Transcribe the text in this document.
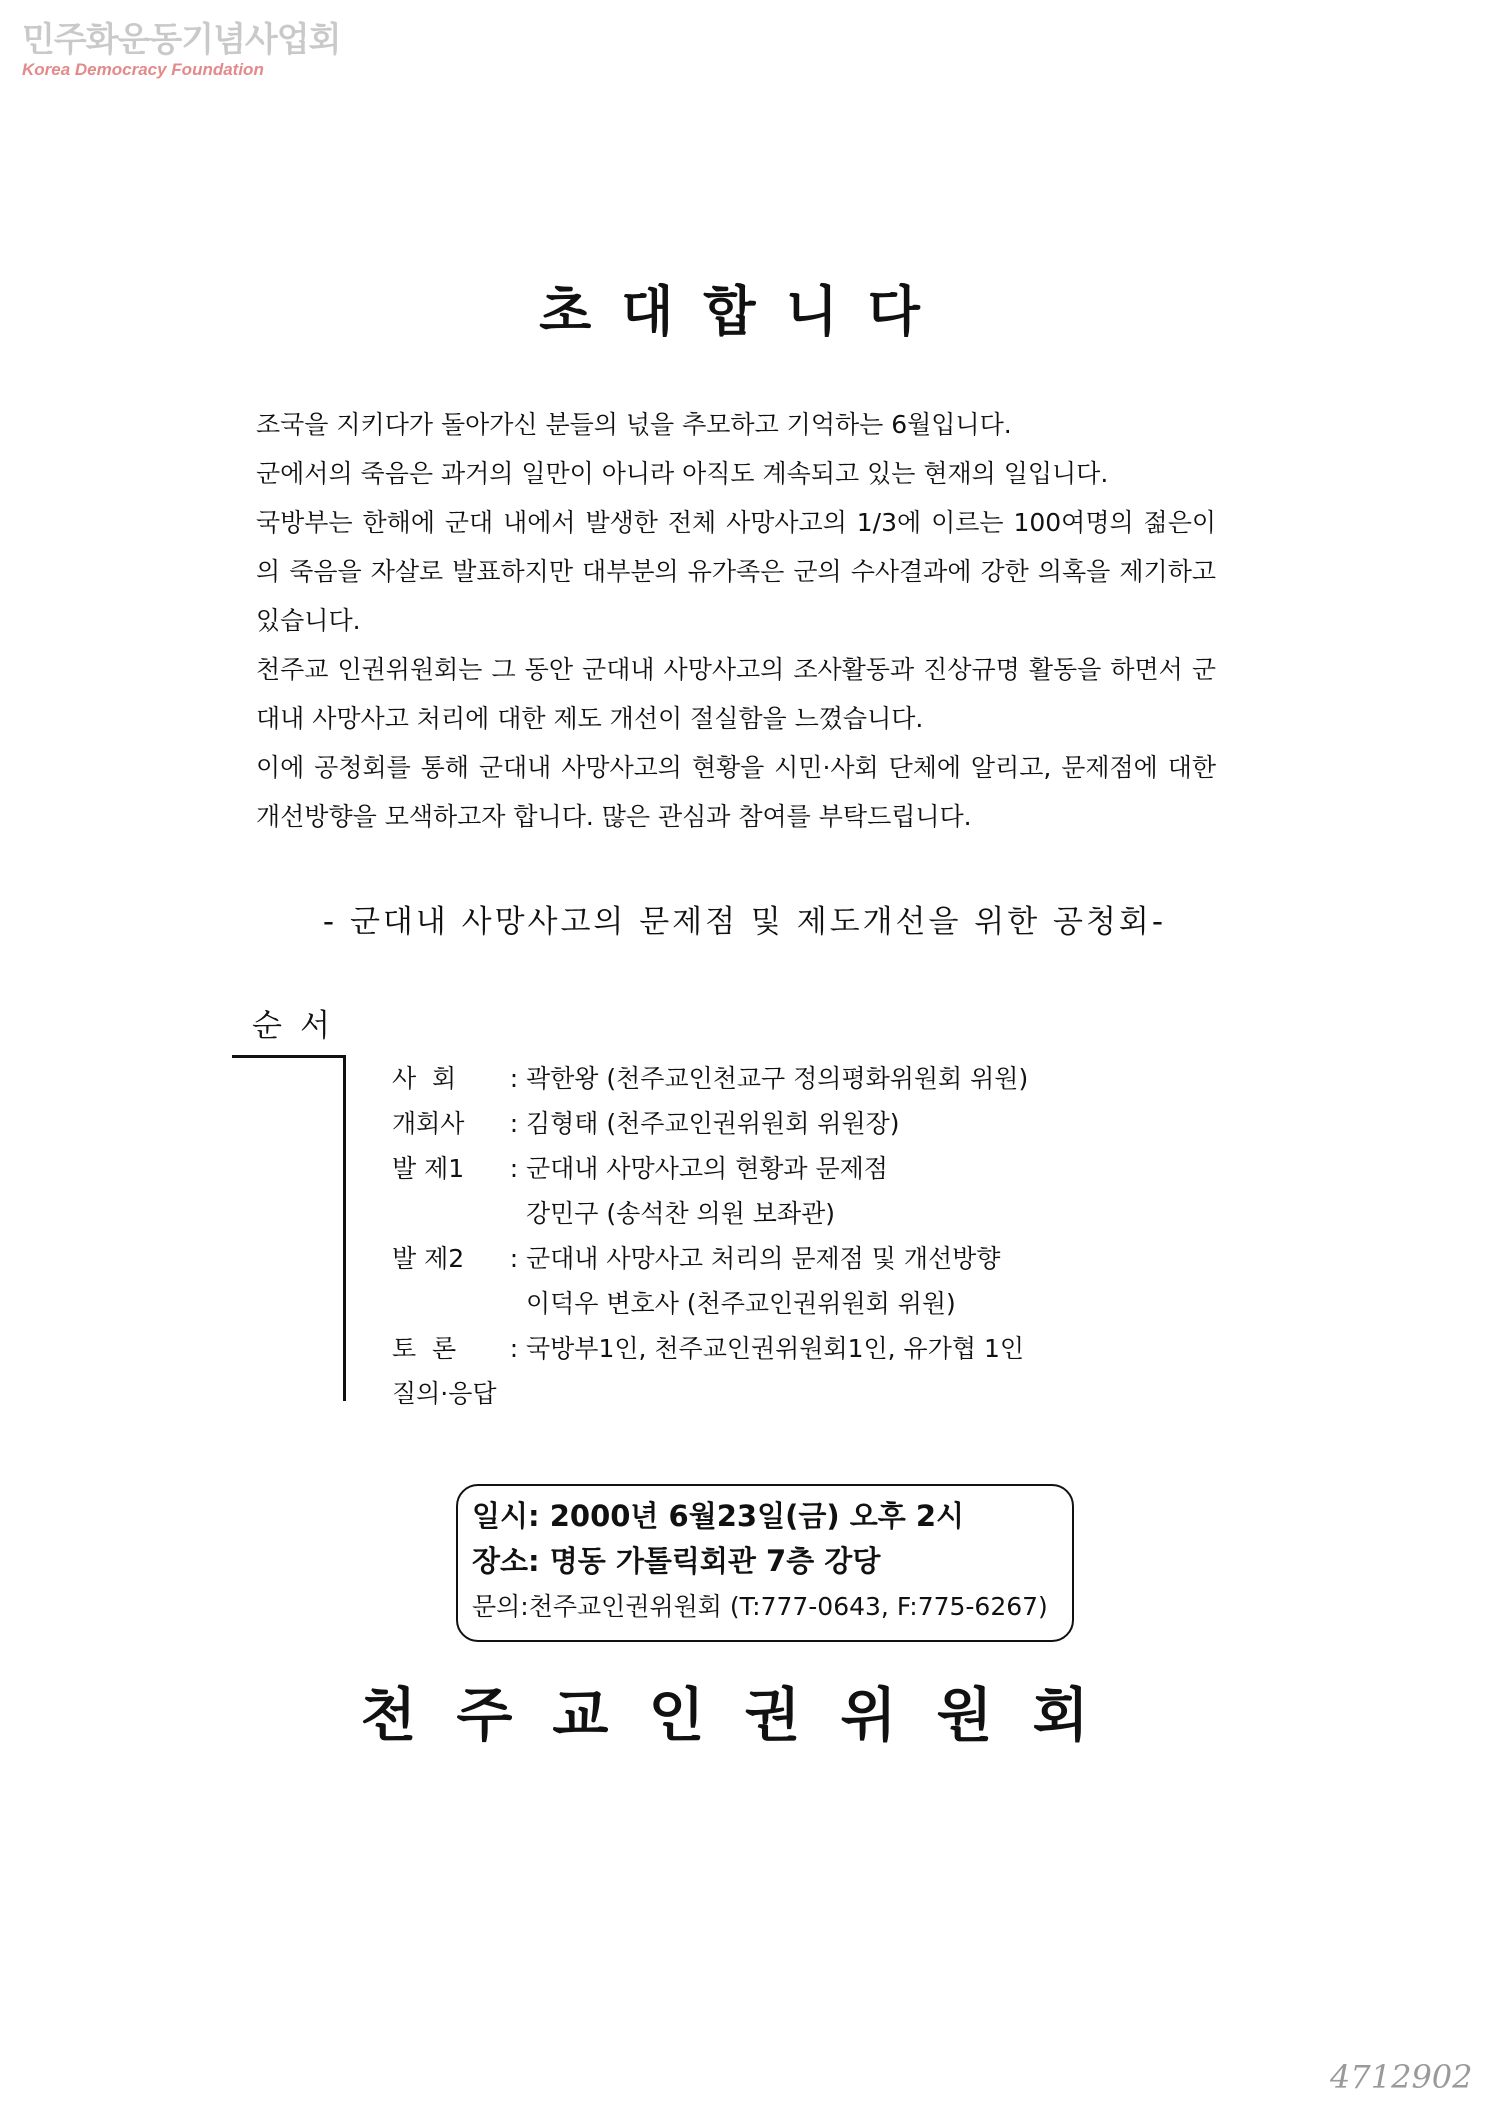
민주화운동기념사업회
Korea Democracy Foundation
초대합니다

조국을 지키다가 돌아가신 분들의 넋을 추모하고 기억하는 6월입니다.

군에서의 죽음은 과거의 일만이 아니라 아직도 계속되고 있는 현재의 일입니다.

국방부는 한해에 군대 내에서 발생한 전체 사망사고의 1/3에 이르는 100여명의 젊은이의 죽음을 자살로 발표하지만 대부분의 유가족은 군의 수사결과에 강한 의혹을 제기하고 있습니다.

천주교 인권위원회는 그 동안 군대내 사망사고의 조사활동과 진상규명 활동을 하면서 군대내 사망사고 처리에 대한 제도 개선이 절실함을 느꼈습니다.

이에 공청회를 통해 군대내 사망사고의 현황을 시민·사회 단체에 알리고, 문제점에 대한 개선방향을 모색하고자 합니다. 많은 관심과 참여를 부탁드립니다.

- 군대내 사망사고의 문제점 및 제도개선을 위한 공청회-
순서
사  회	: 곽한왕 (천주교인천교구 정의평화위원회 위원)
개회사	: 김형태 (천주교인권위원회 위원장)
발 제1	: 군대내 사망사고의 현황과 문제점
강민구 (송석찬 의원 보좌관)
발 제2	: 군대내 사망사고 처리의 문제점 및 개선방향
이덕우 변호사 (천주교인권위원회 위원)
토  론	: 국방부1인, 천주교인권위원회1인, 유가협 1인
질의·응답
일시: 2000년 6월23일(금) 오후 2시
장소: 명동 가톨릭회관 7층 강당
문의:천주교인권위원회 (T:777-0643, F:775-6267)
천주교인권위원회
4712902
